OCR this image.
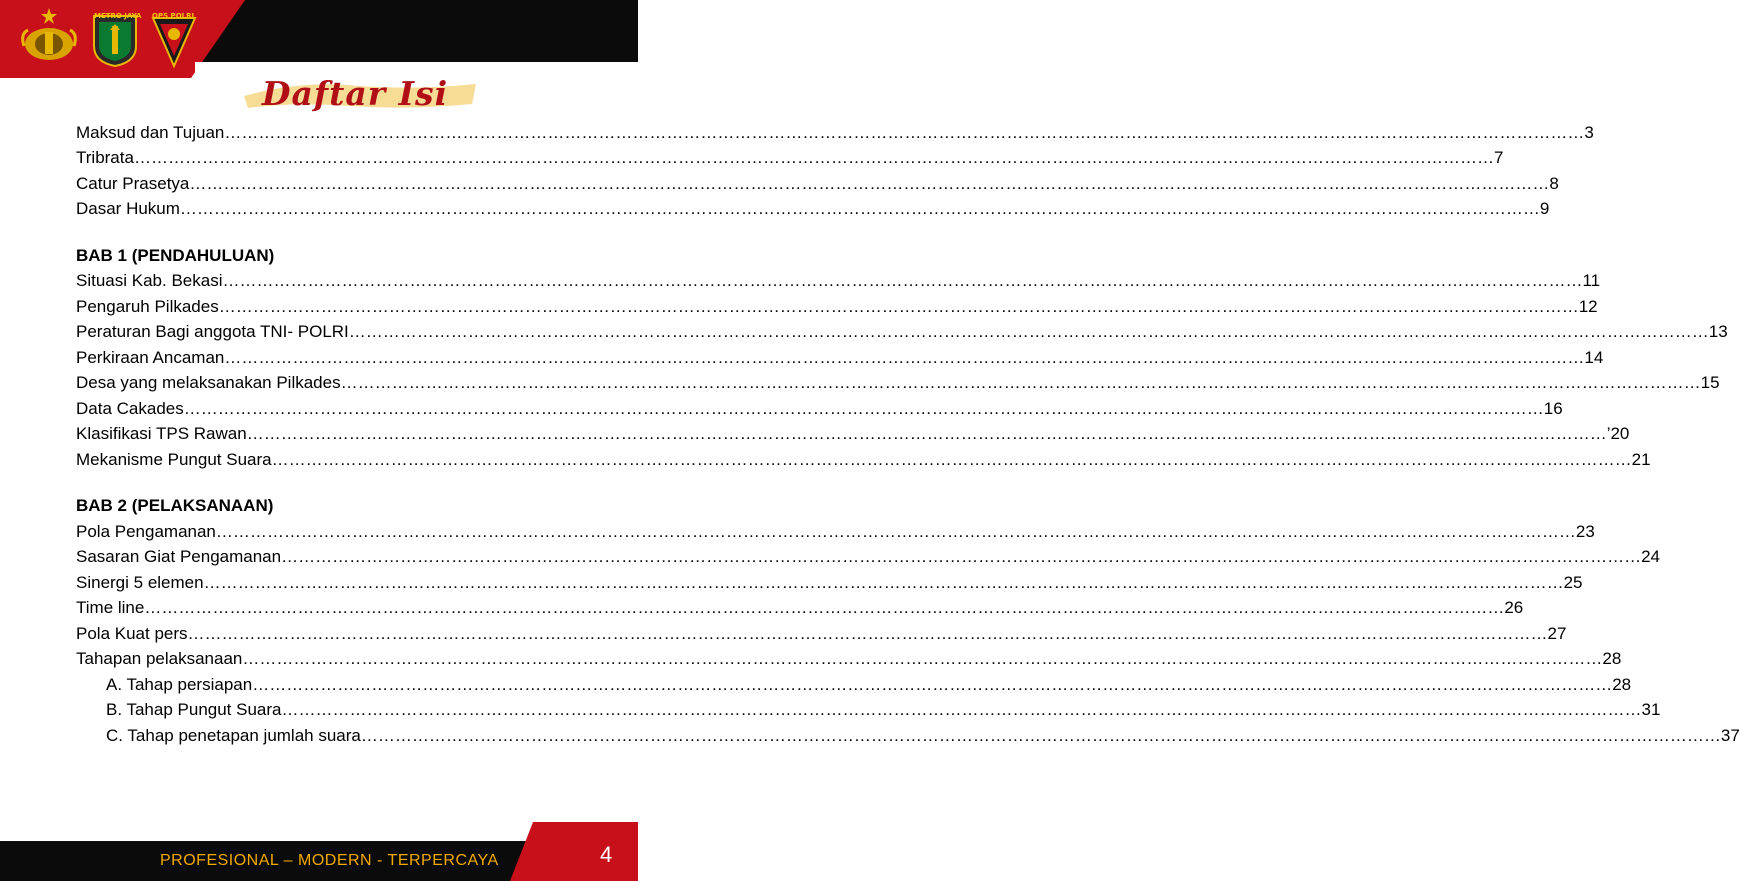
METRO JAYA OPS POLRI
Daftar Isi
Maksud dan Tujuan …………………………………………………………………………………………………………………………………………………………………………………………………………………… 3
Tribrata …………………………………………………………………………………………………………………………………………………………………………………………………………………… 7
Catur Prasetya …………………………………………………………………………………………………………………………………………………………………………………………………………………… 8
Dasar Hukum …………………………………………………………………………………………………………………………………………………………………………………………………………………… 9
BAB 1 (PENDAHULUAN)
Situasi Kab. Bekasi …………………………………………………………………………………………………………………………………………………………………………………………………………………… 11
Pengaruh Pilkades …………………………………………………………………………………………………………………………………………………………………………………………………………………… 12
Peraturan Bagi anggota TNI- POLRI …………………………………………………………………………………………………………………………………………………………………………………………………………………… 13
Perkiraan Ancaman …………………………………………………………………………………………………………………………………………………………………………………………………………………… 14
Desa yang melaksanakan Pilkades …………………………………………………………………………………………………………………………………………………………………………………………………………………… 15
Data Cakades …………………………………………………………………………………………………………………………………………………………………………………………………………………… 16
Klasifikasi TPS Rawan …………………………………………………………………………………………………………………………………………………………………………………………………………………… ’20
Mekanisme Pungut Suara …………………………………………………………………………………………………………………………………………………………………………………………………………………… 21
BAB 2 (PELAKSANAAN)
Pola Pengamanan …………………………………………………………………………………………………………………………………………………………………………………………………………………… 23
Sasaran Giat Pengamanan …………………………………………………………………………………………………………………………………………………………………………………………………………………… 24
Sinergi 5 elemen …………………………………………………………………………………………………………………………………………………………………………………………………………………… 25
Time line …………………………………………………………………………………………………………………………………………………………………………………………………………………… 26
Pola Kuat pers …………………………………………………………………………………………………………………………………………………………………………………………………………………… 27
Tahapan pelaksanaan …………………………………………………………………………………………………………………………………………………………………………………………………………………… 28
A. Tahap persiapan …………………………………………………………………………………………………………………………………………………………………………………………………………………… 28
B. Tahap Pungut Suara …………………………………………………………………………………………………………………………………………………………………………………………………………………… 31
C. Tahap penetapan jumlah suara …………………………………………………………………………………………………………………………………………………………………………………………………………………… 37
PROFESIONAL – MODERN - TERPERCAYA	4
